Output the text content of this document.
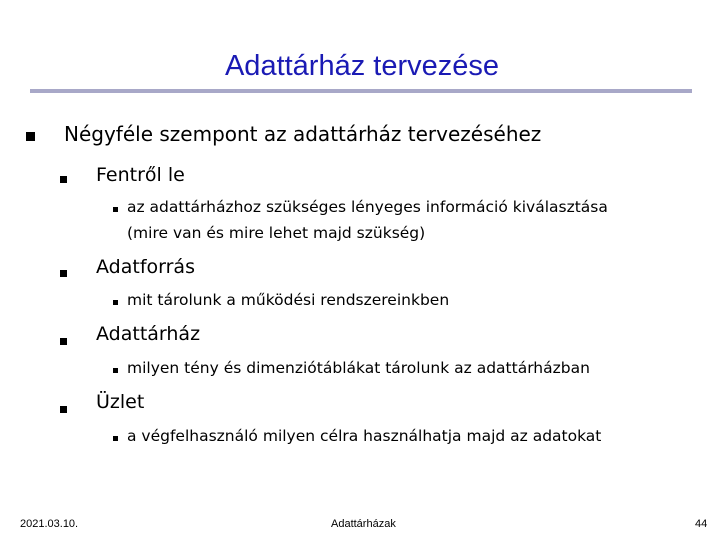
Adattárház tervezése
Négyféle szempont az adattárház tervezéséhez
Fentről le
az adattárházhoz szükséges lényeges információ kiválasztása
(mire van és mire lehet majd szükség)
Adatforrás
mit tárolunk a működési rendszereinkben
Adattárház
milyen tény és dimenziótáblákat tárolunk az adattárházban
Üzlet
a végfelhasználó milyen célra használhatja majd az adatokat
2021.03.10.	Adattárházak	44
